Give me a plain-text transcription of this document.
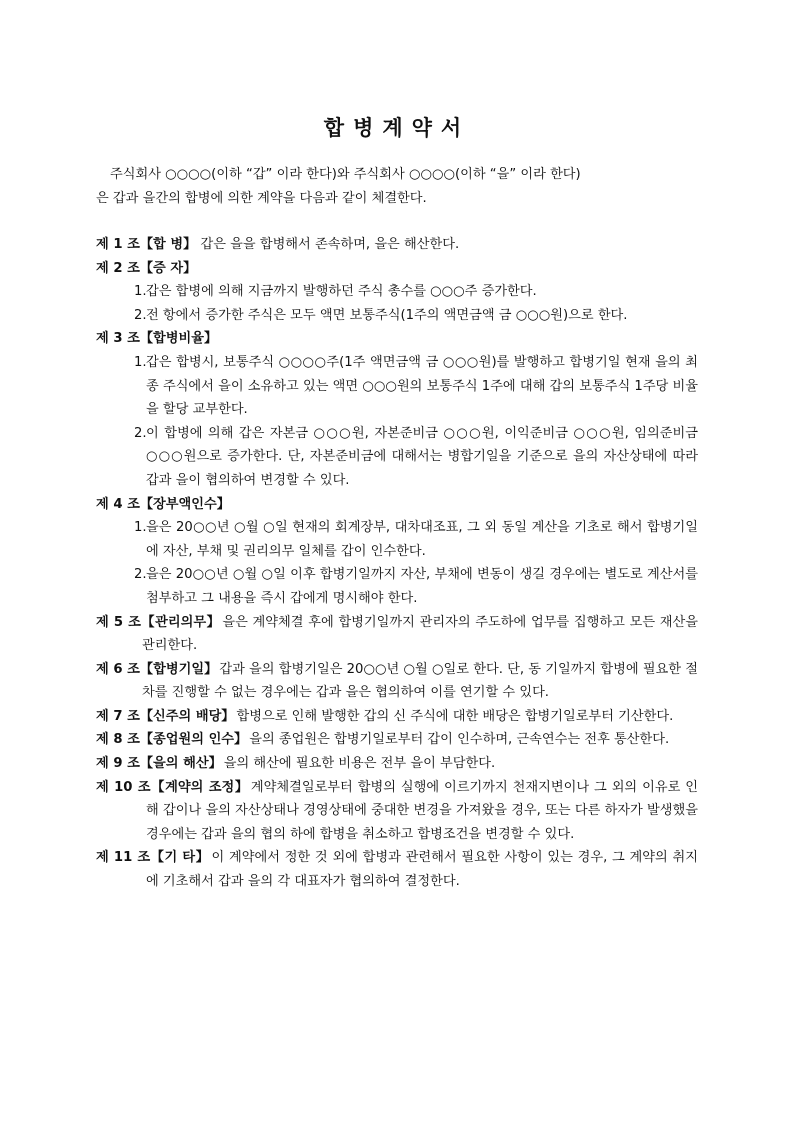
합병계약서
주식회사 ○○○○(이하 “갑” 이라 한다)와 주식회사 ○○○○(이하 “을” 이라 한다)
은 갑과 을간의 합병에 의한 계약을 다음과 같이 체결한다.
제 1 조【합 병】 갑은 을을 합병해서 존속하며, 을은 해산한다.
제 2 조【증 자】
1. 갑은 합병에 의해 지금까지 발행하던 주식 총수를 ○○○주 증가한다.
2. 전 항에서 증가한 주식은 모두 액면 보통주식(1주의 액면금액 금 ○○○원)으로 한다.
제 3 조【합병비율】
1. 갑은 합병시, 보통주식 ○○○○주(1주 액면금액 금 ○○○원)를 발행하고 합병기일 현재 을의 최종 주식에서 을이 소유하고 있는 액면 ○○○원의 보통주식 1주에 대해 갑의 보통주식 1주당 비율을 할당 교부한다.
2. 이 합병에 의해 갑은 자본금 ○○○원, 자본준비금 ○○○원, 이익준비금 ○○○원, 임의준비금 ○○○원으로 증가한다. 단, 자본준비금에 대해서는 병합기일을 기준으로 을의 자산상태에 따라 갑과 을이 협의하여 변경할 수 있다.
제 4 조【장부액인수】
1. 을은 20○○년 ○월 ○일 현재의 회계장부, 대차대조표, 그 외 동일 계산을 기초로 해서 합병기일에 자산, 부채 및 권리의무 일체를 갑이 인수한다.
2. 을은 20○○년 ○월 ○일 이후 합병기일까지 자산, 부채에 변동이 생길 경우에는 별도로 계산서를 첨부하고 그 내용을 즉시 갑에게 명시해야 한다.
제 5 조【관리의무】 을은 계약체결 후에 합병기일까지 관리자의 주도하에 업무를 집행하고 모든 재산을 관리한다.
제 6 조【합병기일】 갑과 을의 합병기일은 20○○년 ○월 ○일로 한다. 단, 동 기일까지 합병에 필요한 절차를 진행할 수 없는 경우에는 갑과 을은 협의하여 이를 연기할 수 있다.
제 7 조【신주의 배당】 합병으로 인해 발행한 갑의 신 주식에 대한 배당은 합병기일로부터 기산한다.
제 8 조【종업원의 인수】 을의 종업원은 합병기일로부터 갑이 인수하며, 근속연수는 전후 통산한다.
제 9 조【을의 해산】 을의 해산에 필요한 비용은 전부 을이 부담한다.
제 10 조【계약의 조정】 계약체결일로부터 합병의 실행에 이르기까지 천재지변이나 그 외의 이유로 인해 갑이나 을의 자산상태나 경영상태에 중대한 변경을 가져왔을 경우, 또는 다른 하자가 발생했을 경우에는 갑과 을의 협의 하에 합병을 취소하고 합병조건을 변경할 수 있다.
제 11 조【기 타】 이 계약에서 정한 것 외에 합병과 관련해서 필요한 사항이 있는 경우, 그 계약의 취지에 기초해서 갑과 을의 각 대표자가 협의하여 결정한다.
